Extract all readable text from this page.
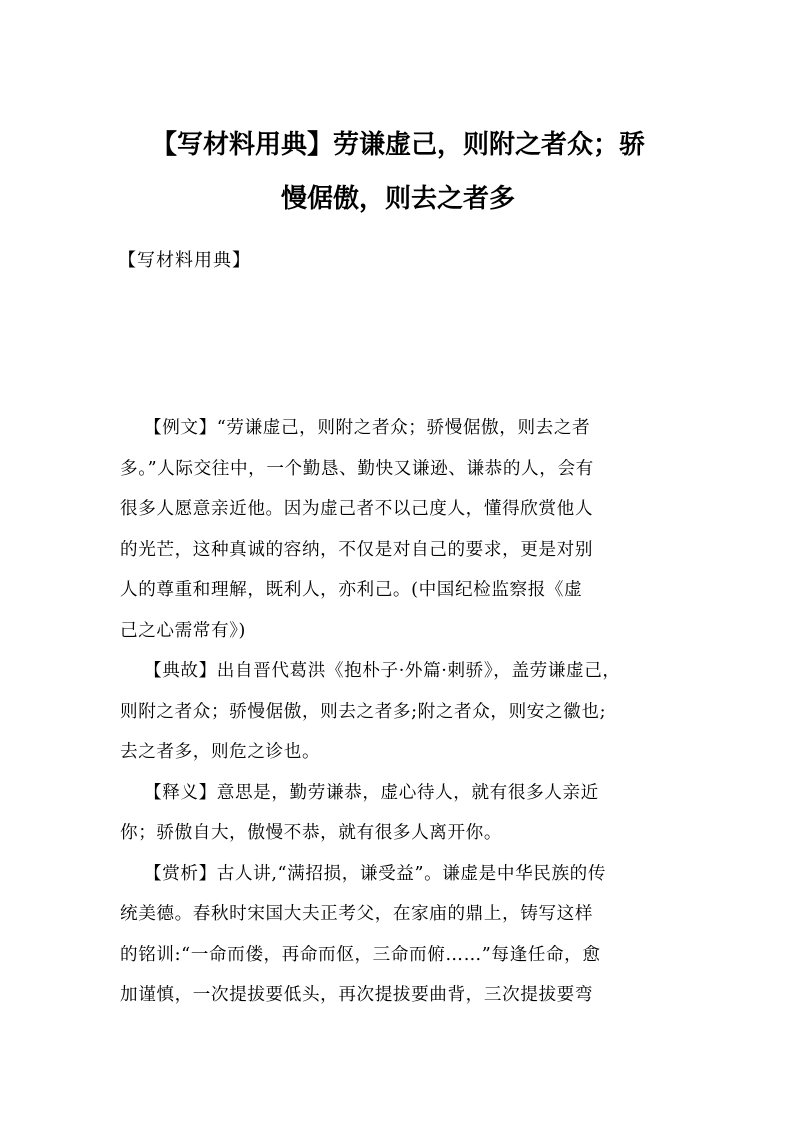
【写材料用典】劳谦虚己，则附之者众；骄
慢倨傲，则去之者多
【写材料用典】

【例文】“劳谦虚己，则附之者众；骄慢倨傲，则去之者
多。”人际交往中，一个勤恳、勤快又谦逊、谦恭的人，会有
很多人愿意亲近他。因为虚己者不以己度人，懂得欣赏他人
的光芒，这种真诚的容纳，不仅是对自己的要求，更是对别
人的尊重和理解，既利人，亦利己。(中国纪检监察报《虚
己之心需常有》)

【典故】出自晋代葛洪《抱朴子·外篇·刺骄》，盖劳谦虚己，
则附之者众；骄慢倨傲，则去之者多;附之者众，则安之徽也;
去之者多，则危之诊也。

【释义】意思是，勤劳谦恭，虚心待人，就有很多人亲近
你；骄傲自大，傲慢不恭，就有很多人离开你。

【赏析】古人讲,“满招损，谦受益”。谦虚是中华民族的传
统美德。春秋时宋国大夫正考父，在家庙的鼎上，铸写这样
的铭训:“一命而偻，再命而伛，三命而俯……”每逢任命，愈
加谨慎，一次提拔要低头，再次提拔要曲背，三次提拔要弯
